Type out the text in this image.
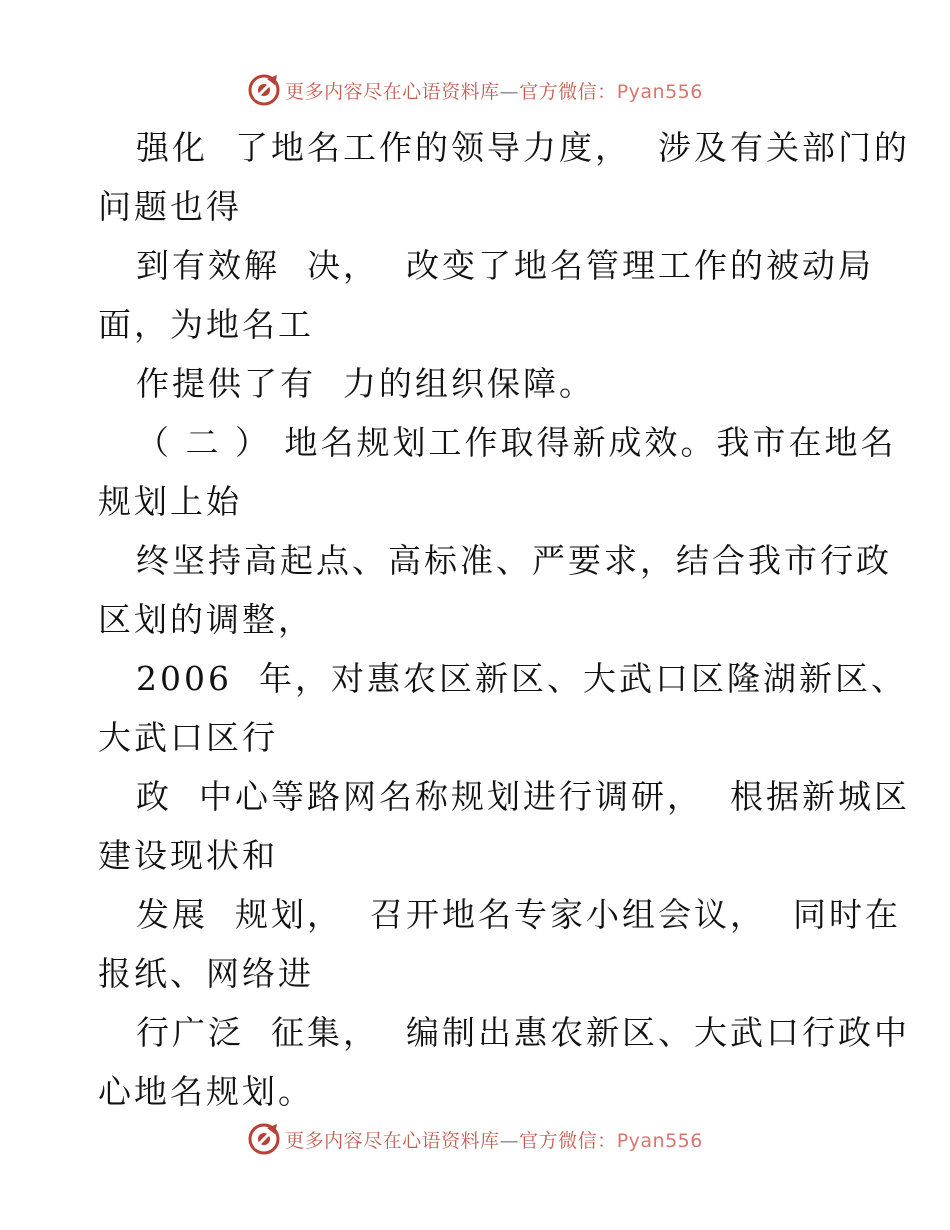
更多内容尽在心语资料库—官方微信：Pyan556
强化  了地名工作的领导力度，  涉及有关部门的
问题也得
到有效解  决，  改变了地名管理工作的被动局
面，为地名工
作提供了有  力的组织保障。
（ 二 ） 地名规划工作取得新成效。我市在地名
规划上始
终坚持高起点、高标准、严要求，结合我市行政
区划的调整，
2006  年，对惠农区新区、大武口区隆湖新区、
大武口区行
政  中心等路网名称规划进行调研，  根据新城区
建设现状和
发展  规划，  召开地名专家小组会议，  同时在
报纸、网络进
行广泛  征集，  编制出惠农新区、大武口行政中
心地名规划。
更多内容尽在心语资料库—官方微信：Pyan556
